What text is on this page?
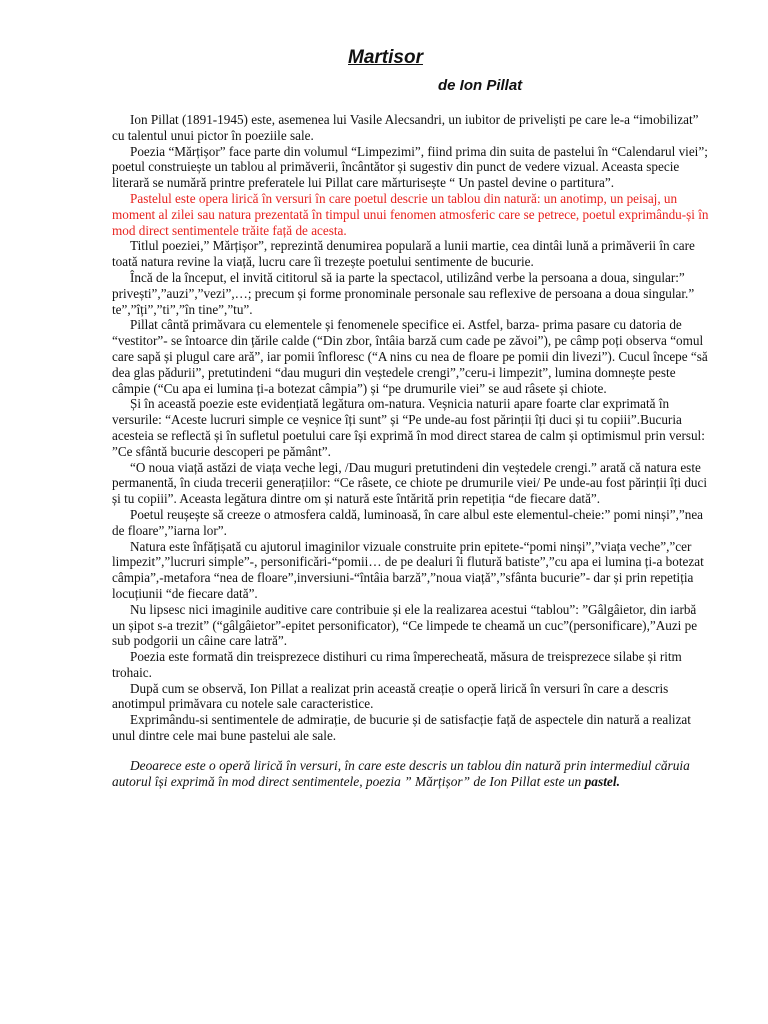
Martisor
de Ion Pillat

Ion Pillat (1891-1945) este, asemenea lui Vasile Alecsandri, un iubitor de priveliști pe care le-a “imobilizat” cu talentul unui pictor în poeziile sale.

Poezia “Mărțișor” face parte din volumul “Limpezimi”, fiind prima din suita de pastelui în “Calendarul viei”; poetul construiește un tablou al primăverii, încântător și sugestiv din punct de vedere vizual. Aceasta specie literară se numără printre preferatele lui Pillat care mărturisește “ Un pastel devine o partitura”.

Pastelul este opera lirică în versuri în care poetul descrie un tablou din natură: un anotimp, un peisaj, un moment al zilei sau natura prezentată în timpul unui fenomen atmosferic care se petrece, poetul exprimându-și în mod direct sentimentele trăite față de acesta.

Titlul poeziei,” Mărțișor”, reprezintă denumirea populară a lunii martie, cea dintâi lună a primăverii în care toată natura revine la viață, lucru care îi trezește poetului sentimente de bucurie.

Încă de la început, el invită cititorul să ia parte la spectacol, utilizând verbe la persoana a doua, singular:” privești”,”auzi”,”vezi”,…; precum și forme pronominale personale sau reflexive de persoana a doua singular.” te”,”îți”,”ti”,”în tine”,”tu”.

Pillat cântă primăvara cu elementele și fenomenele specifice ei. Astfel, barza- prima pasare cu datoria de “vestitor”- se întoarce din țările calde (“Din zbor, întâia barză cum cade pe zăvoi”), pe câmp poți observa “omul care sapă și plugul care ară”, iar pomii înfloresc (“A nins cu nea de floare pe pomii din livezi”). Cucul începe “să dea glas pădurii”, pretutindeni “dau muguri din veștedele crengi”,”ceru-i limpezit”, lumina domnește peste câmpie (“Cu apa ei lumina ți-a botezat câmpia”) și “pe drumurile viei” se aud râsete și chiote.

Și în această poezie este evidențiată legătura om-natura. Veșnicia naturii apare foarte clar exprimată în versurile: “Aceste lucruri simple ce veșnice îți sunt” și “Pe unde-au fost părinții îți duci și tu copiii”.Bucuria acesteia se reflectă și în sufletul poetului care își exprimă în mod direct starea de calm și optimismul prin versul: ”Ce sfântă bucurie descoperi pe pământ”.

“O noua viață astăzi de viața veche legi, /Dau muguri pretutindeni din veștedele crengi.” arată că natura este permanentă, în ciuda trecerii generațiilor: “Ce râsete, ce chiote pe drumurile viei/ Pe unde-au fost părinții îți duci și tu copiii”. Aceasta legătura dintre om și natură este întărită prin repetiția “de fiecare dată”.

Poetul reușește să creeze o atmosfera caldă, luminoasă, în care albul este elementul-cheie:” pomi ninși”,”nea de floare”,”iarna lor”.

Natura este înfățișată cu ajutorul imaginilor vizuale construite prin epitete-“pomi ninși”,”viața veche”,”cer limpezit”,”lucruri simple”-, personificări-“pomii… de pe dealuri îi flutură batiste”,”cu apa ei lumina ți-a botezat câmpia”,-metafora “nea de floare”,inversiuni-“întâia barză”,”noua viață”,”sfânta bucurie”- dar și prin repetiția locuțiunii “de fiecare dată”.

Nu lipsesc nici imaginile auditive care contribuie și ele la realizarea acestui “tablou”: ”Gâlgâietor, din iarbă un șipot s-a trezit” (“gâlgâietor”-epitet personificator), “Ce limpede te cheamă un cuc”(personificare),”Auzi pe sub podgorii un câine care latră”.

Poezia este formată din treisprezece distihuri cu rima împerecheată, măsura de treisprezece silabe și ritm trohaic.

După cum se observă, Ion Pillat a realizat prin această creație o operă lirică în versuri în care a descris anotimpul primăvara cu notele sale caracteristice.

Exprimându-si sentimentele de admirație, de bucurie și de satisfacție față de aspectele din natură a realizat unul dintre cele mai bune pastelui ale sale.

Deoarece este o operă lirică în versuri, în care este descris un tablou din natură prin intermediul căruia autorul își exprimă în mod direct sentimentele, poezia ” Mărțișor” de Ion Pillat este un pastel.
